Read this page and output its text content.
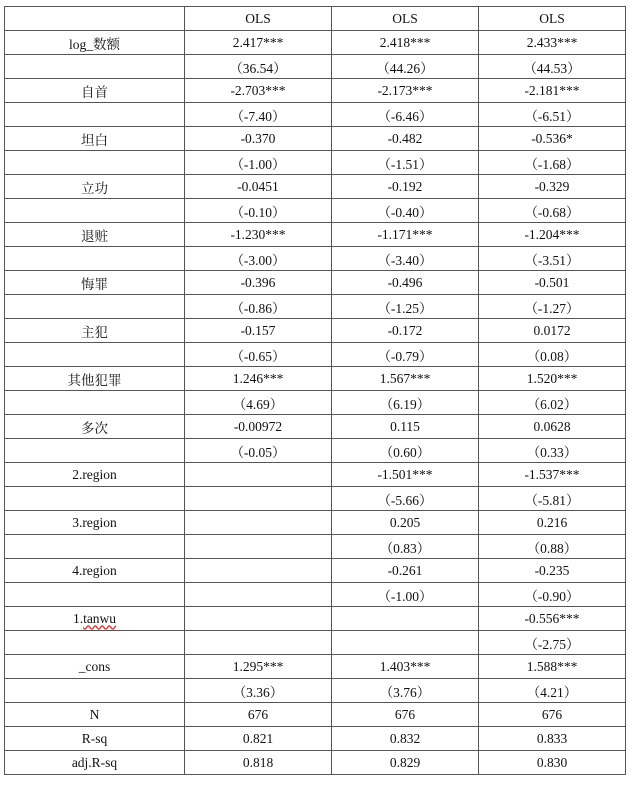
	OLS	OLS	OLS
log_数额	2.417***	2.418***	2.433***
	（36.54）	（44.26）	（44.53）
自首	-2.703***	-2.173***	-2.181***
	（-7.40）	（-6.46）	（-6.51）
坦白	-0.370	-0.482	-0.536*
	（-1.00）	（-1.51）	（-1.68）
立功	-0.0451	-0.192	-0.329
	（-0.10）	（-0.40）	（-0.68）
退赃	-1.230***	-1.171***	-1.204***
	（-3.00）	（-3.40）	（-3.51）
悔罪	-0.396	-0.496	-0.501
	（-0.86）	（-1.25）	（-1.27）
主犯	-0.157	-0.172	0.0172
	（-0.65）	（-0.79）	（0.08）
其他犯罪	1.246***	1.567***	1.520***
	（4.69）	（6.19）	（6.02）
多次	-0.00972	0.115	0.0628
	（-0.05）	（0.60）	（0.33）
2.region		-1.501***	-1.537***
		（-5.66）	（-5.81）
3.region		0.205	0.216
		（0.83）	（0.88）
4.region		-0.261	-0.235
		（-1.00）	（-0.90）
1.tanwu			-0.556***
			（-2.75）
_cons	1.295***	1.403***	1.588***
	（3.36）	（3.76）	（4.21）
N	676	676	676
R-sq	0.821	0.832	0.833
adj.R-sq	0.818	0.829	0.830
